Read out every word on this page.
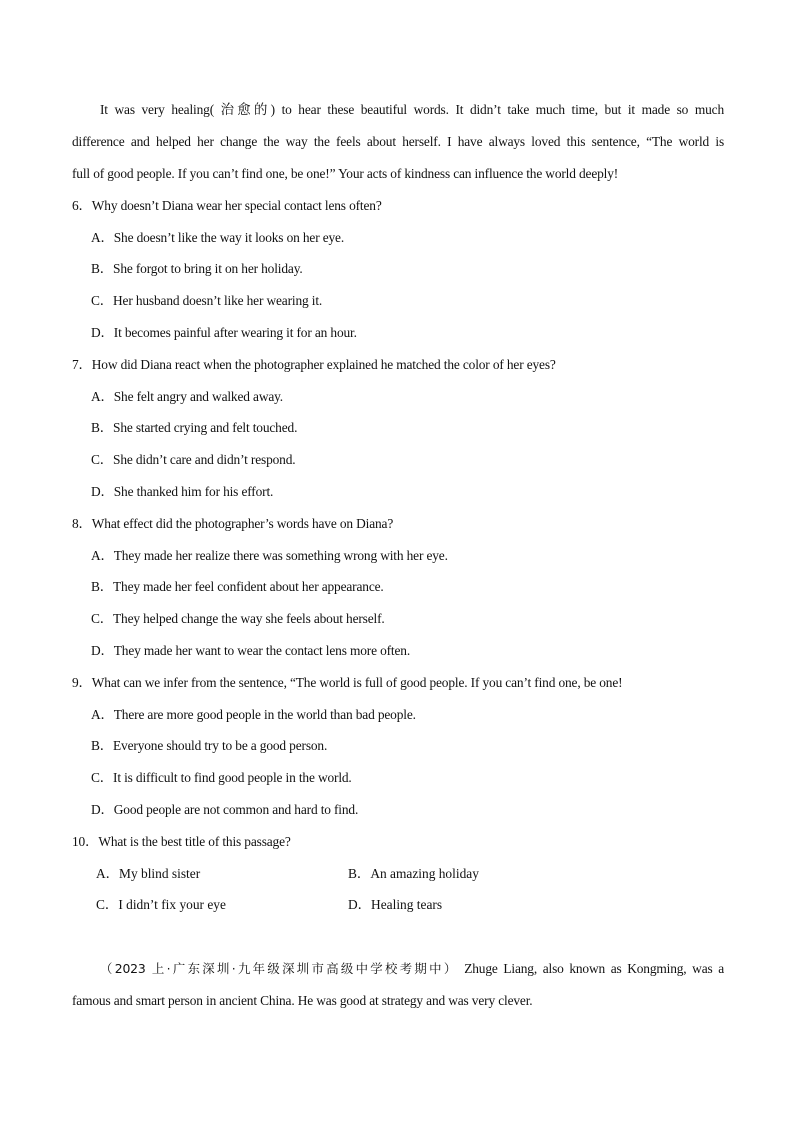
It was very healing( 治愈的) to hear these beautiful words. It didn’t take much time, but it made so much
difference and helped her change the way the feels about herself. I have always loved this sentence, “The world is
full of good people. If you can’t find one, be one!” Your acts of kindness can influence the world deeply!
6．Why doesn’t Diana wear her special contact lens often?
A．She doesn’t like the way it looks on her eye.
B．She forgot to bring it on her holiday.
C．Her husband doesn’t like her wearing it.
D．It becomes painful after wearing it for an hour.
7．How did Diana react when the photographer explained he matched the color of her eyes?
A．She felt angry and walked away.
B．She started crying and felt touched.
C．She didn’t care and didn’t respond.
D．She thanked him for his effort.
8．What effect did the photographer’s words have on Diana?
A．They made her realize there was something wrong with her eye.
B．They made her feel confident about her appearance.
C．They helped change the way she feels about herself.
D．They made her want to wear the contact lens more often.
9．What can we infer from the sentence, “The world is full of good people. If you can’t find one, be one!
A．There are more good people in the world than bad people.
B．Everyone should try to be a good person.
C．It is difficult to find good people in the world.
D．Good people are not common and hard to find.
10．What is the best title of this passage?
A．My blind sister	B．An amazing holiday
C．I didn’t fix your eye	D．Healing tears
（2023 上·广东深圳·九年级深圳市高级中学校考期中） Zhuge Liang, also known as Kongming, was a
famous and smart person in ancient China. He was good at strategy and was very clever.
